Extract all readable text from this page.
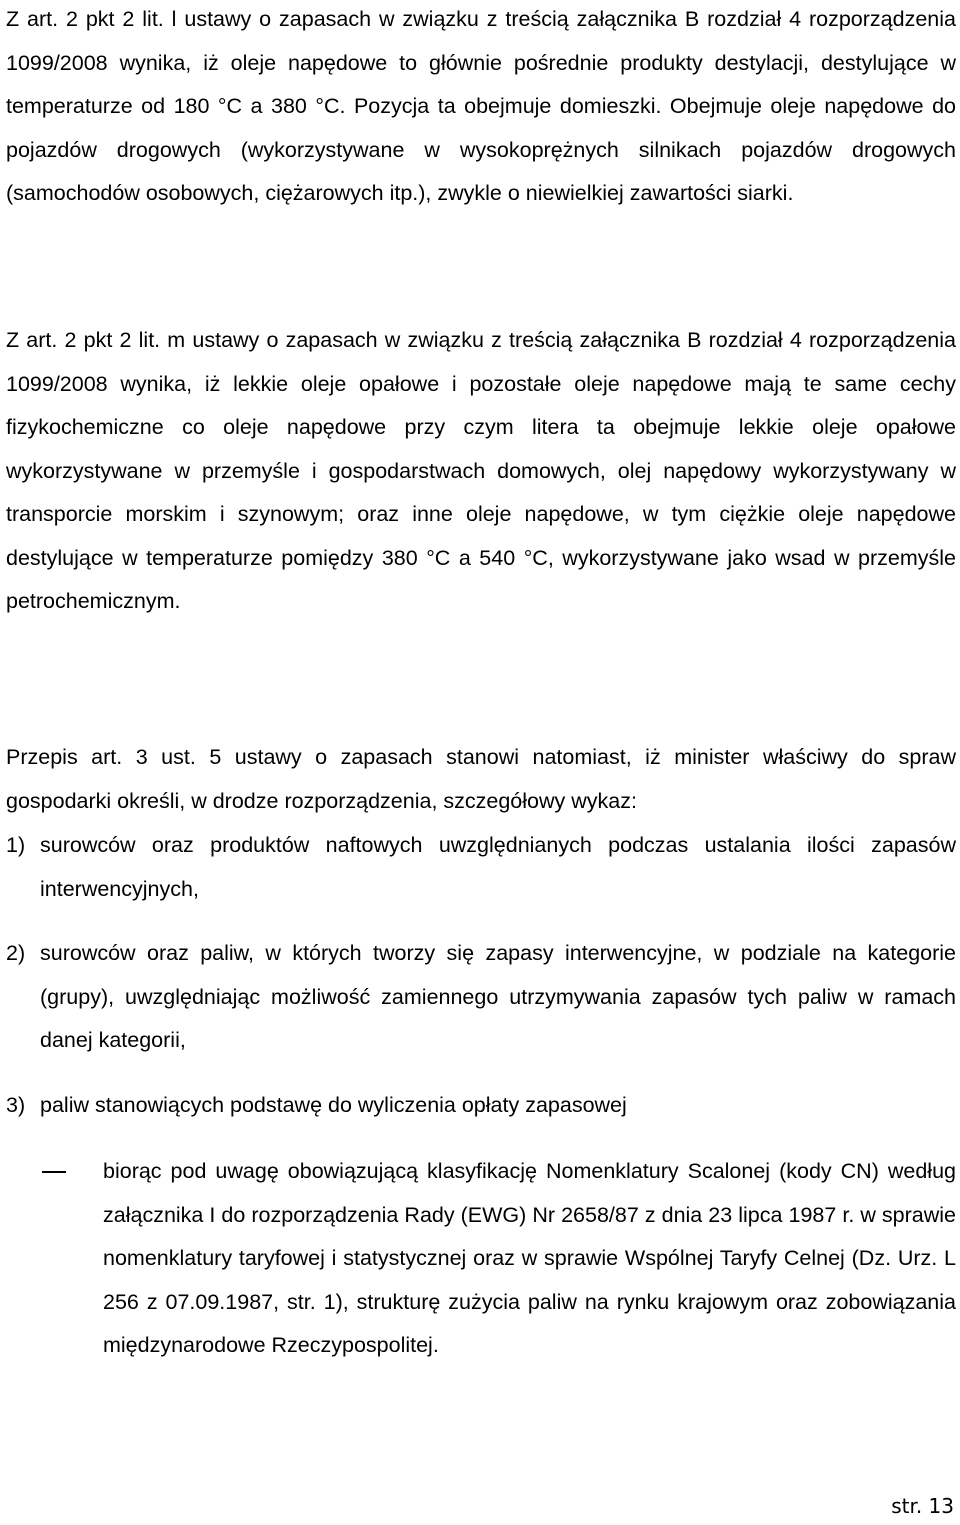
Z art. 2 pkt 2 lit. l ustawy o zapasach w związku z treścią załącznika B rozdział 4 rozporządzenia 1099/2008 wynika, iż oleje napędowe to głównie pośrednie produkty destylacji, destylujące w temperaturze od 180 °C a 380 °C. Pozycja ta obejmuje domieszki. Obejmuje oleje napędowe do pojazdów drogowych (wykorzystywane w wysokoprężnych silnikach pojazdów drogowych (samochodów osobowych, ciężarowych itp.), zwykle o niewielkiej zawartości siarki.

Z art. 2 pkt 2 lit. m ustawy o zapasach w związku z treścią załącznika B rozdział 4 rozporządzenia 1099/2008 wynika, iż lekkie oleje opałowe i pozostałe oleje napędowe mają te same cechy fizykochemiczne co oleje napędowe przy czym litera ta obejmuje lekkie oleje opałowe wykorzystywane w przemyśle i gospodarstwach domowych, olej napędowy wykorzystywany w transporcie morskim i szynowym; oraz inne oleje napędowe, w tym ciężkie oleje napędowe destylujące w temperaturze pomiędzy 380 °C a 540 °C, wykorzystywane jako wsad w przemyśle petrochemicznym.

Przepis art. 3 ust. 5 ustawy o zapasach stanowi natomiast, iż minister właściwy do spraw gospodarki określi, w drodze rozporządzenia, szczegółowy wykaz:

1) surowców oraz produktów naftowych uwzględnianych podczas ustalania ilości zapasów interwencyjnych,
2) surowców oraz paliw, w których tworzy się zapasy interwencyjne, w podziale na kategorie (grupy), uwzględniając możliwość zamiennego utrzymywania zapasów tych paliw w ramach danej kategorii,
3) paliw stanowiących podstawę do wyliczenia opłaty zapasowej
biorąc pod uwagę obowiązującą klasyfikację Nomenklatury Scalonej (kody CN) według załącznika I do rozporządzenia Rady (EWG) Nr 2658/87 z dnia 23 lipca 1987 r. w sprawie nomenklatury taryfowej i statystycznej oraz w sprawie Wspólnej Taryfy Celnej (Dz. Urz. L 256 z 07.09.1987, str. 1), strukturę zużycia paliw na rynku krajowym oraz zobowiązania międzynarodowe Rzeczypospolitej.
str. 13
